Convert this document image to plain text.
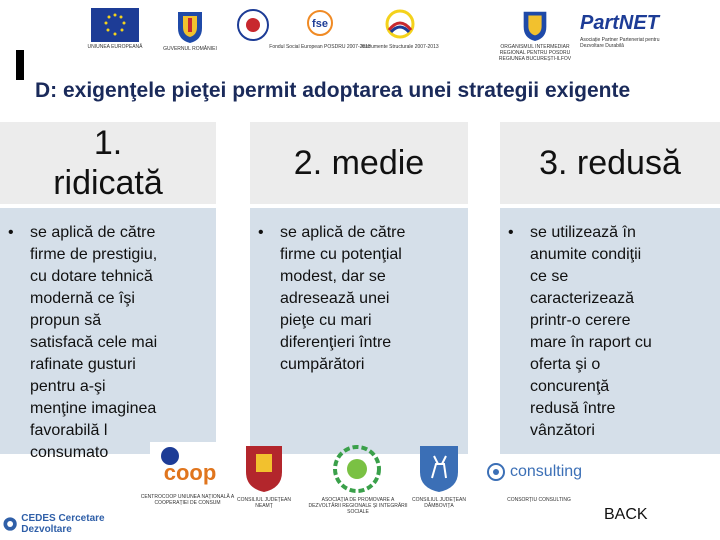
UNIUNEA EUROPEANĂ	GUVERNUL ROMÂNIEI
fse
Fondul Social European POSDRU 2007-2013
Instrumente Structurale 2007-2013	ORGANISMUL INTERMEDIAR REGIONAL PENTRU POSDRU REGIUNEA BUCUREȘTI-ILFOV
PartNET
Asociație Partner Parteneriat pentru Dezvoltare Durabilă
D: exigenţele pieţei permit adoptarea unei strategii exigente
1.
ridicată
• se aplică de către
firme de prestigiu,
cu dotare tehnică
modernă ce îşi
propun să
satisfacă cele mai
rafinate gusturi
pentru a-şi
menţine imaginea
favorabilă l
consumato
2. medie
• se aplică de către
firme cu potenţial
modest, dar se
adresează unei
pieţe cu mari
diferenţieri între
cumpărători
3. redusă
• se utilizează în
anumite condiţii
ce se
caracterizează
printr-o cerere
mare în raport cu
oferta şi o
concurenţă
redusă între
vânzători
coop
CENTROCOOP UNIUNEA NAȚIONALĂ A COOPERAȚIEI DE CONSUM	CONSILIUL JUDEȚEAN NEAMȚ
ASOCIAȚIA DE PROMOVARE A DEZVOLTĂRII REGIONALE ȘI INTEGRĂRII SOCIALE
CONSILIUL JUDEȚEAN DÂMBOVIȚA
consulting
CONSORȚIU CONSULTING
CEDES Cercetare Dezvoltare
BACK
